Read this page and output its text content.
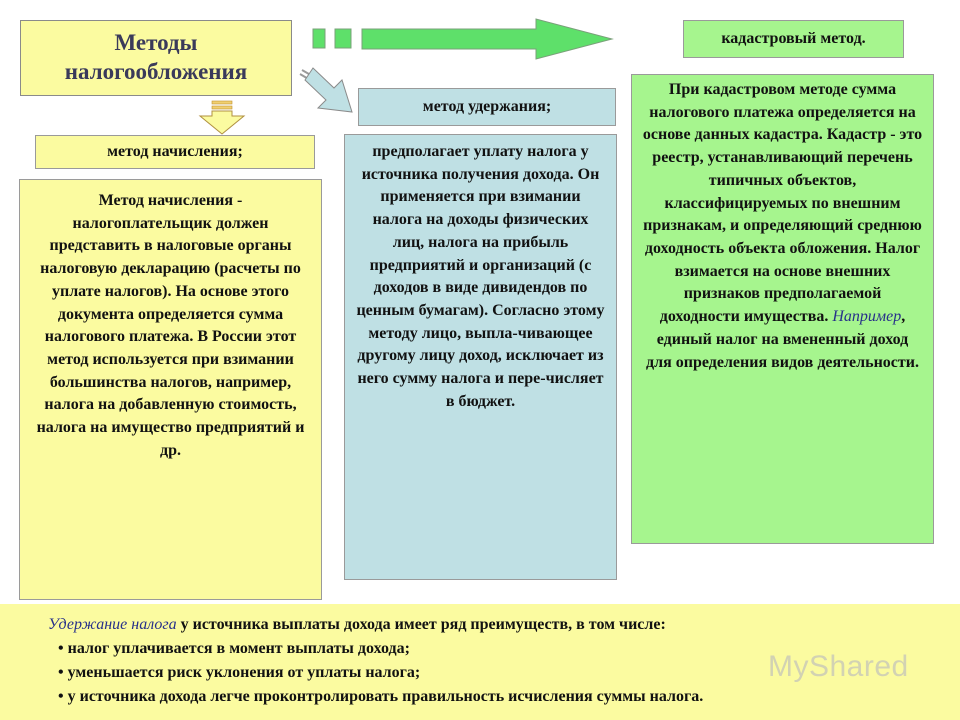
Методы налогообложения
кадастровый метод.
метод удержания;
метод начисления;
Метод начисления - налогоплательщик должен представить в налоговые органы налоговую декларацию (расчеты по уплате налогов). На основе этого документа определяется сумма налогового платежа. В России этот метод используется при взимании большинства налогов, например, налога на добавленную стоимость, налога на имущество предприятий и др.
предполагает уплату налога у источника получения дохода. Он применяется при взимании налога на доходы физических лиц, налога на прибыль предприятий и организаций (с доходов в виде дивидендов по ценным бумагам). Согласно этому методу лицо, выпла-чивающее другому лицу доход, исключает из него сумму налога и пере-числяет в бюджет.
При кадастровом методе сумма налогового платежа определяется на основе данных кадастра. Кадастр - это реестр, устанавливающий перечень типичных объектов, классифицируемых по внешним признакам, и определяющий среднюю доходность объекта обложения. Налог взимается на основе внешних признаков предполагаемой доходности имущества. Например, единый налог на вмененный доход для определения видов деятельности.
Удержание налога у источника выплаты дохода имеет ряд преимуществ, в том числе:
• налог уплачивается в момент выплаты дохода;
• уменьшается риск уклонения от уплаты налога;
• у источника дохода легче проконтролировать правильность исчисления суммы налога.
MyShared
